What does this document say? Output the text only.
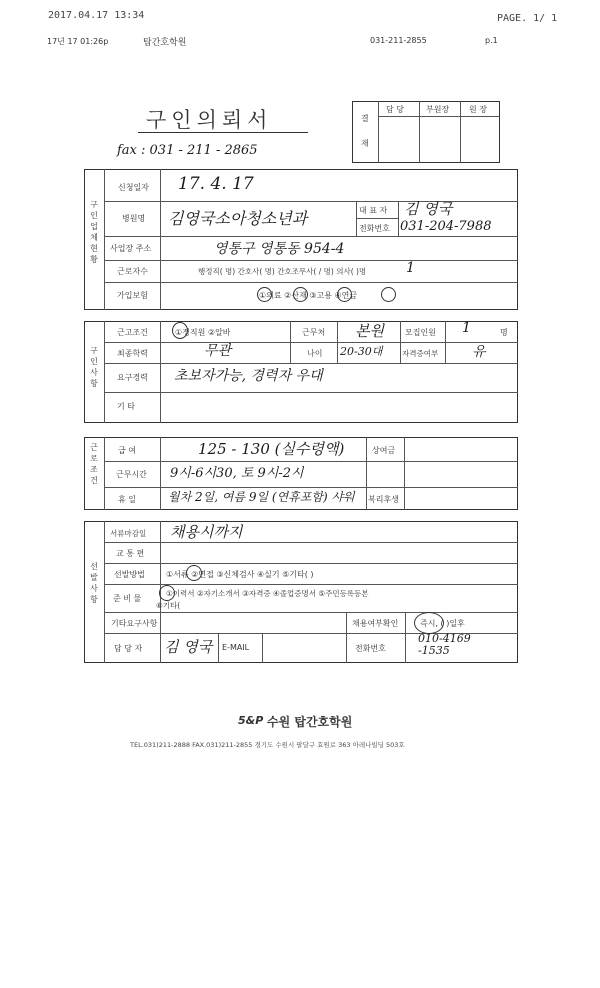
2017.04.17 13:34	PAGE. 1/ 1
17년 17 01:26p	탑간호학원	031-211-2855	p.1
구인의뢰서
fax : 031 - 211 - 2865
결
재
담 당	부원장 원 장
구
인
업
체
현
황
신청일자 17. 4. 17
병원명 김영국소아청소년과	대 표 자 김 영국
전화번호 031-204-7988
사업장 주소	영통구 영통동 954-4
근로자수	행정직( 명) 간호사( 명) 간호조무사( / 명) 의사( )명	1
가입보험	①의료 ②산재 ③고용 ④연금
구
인
사
항
근고조건	①정직원 ②알바	근무처 본원	모집인원 1	명
최종학력	무관	나이 20-30대	자격증여부 유
요구경력 초보자가능, 경력자 우대
기 타
근
로
조
건
급 여	125 - 130 (실수령액)	상여금
근무시간 9시-6시30, 토 9시-2시
휴 일	월차 2일, 여름 9일 (연휴포함) 샤워 복리후생
선
발
사
항
서류마감일 채용시까지
교 통 편
선발방법	①서류 ②면접 ③신체검사 ④실기 ⑤기타( )
준 비 물
①이력서 ②자기소개서 ③자격증 ④졸업증명서 ⑤주민등록등본
⑥기타(
기타요구사항	채용여부확인	즉시, ( )일후
담 당 자 김 영국 E-MAIL	전화번호
010-4169 -1535
5&P 수원 탑간호학원
TEL.031)211-2888 FAX.031)211-2855 경기도 수원시 팔달구 효원로 363 아레나빌딩 503호
